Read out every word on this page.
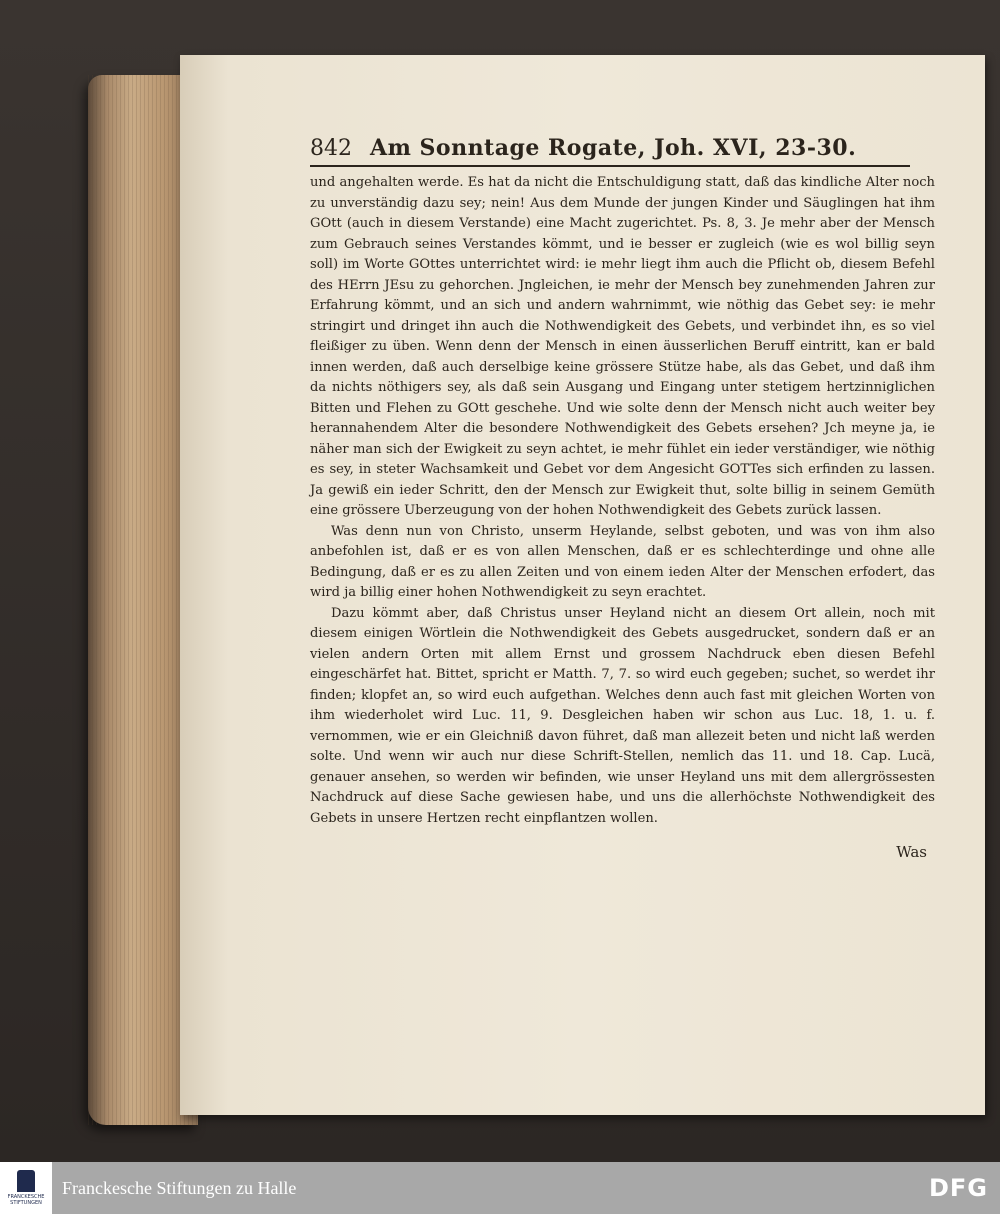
842 Am Sonntage Rogate, Joh. XVI, 23-30.

und angehalten werde. Es hat da nicht die Entschuldigung statt, daß das kindliche Alter noch zu unverständig dazu sey; nein! Aus dem Munde der jungen Kinder und Säuglingen hat ihm GOtt (auch in diesem Verstande) eine Macht zugerichtet. Ps. 8, 3. Je mehr aber der Mensch zum Gebrauch seines Verstandes kömmt, und ie besser er zugleich (wie es wol billig seyn soll) im Worte GOttes unterrichtet wird: ie mehr liegt ihm auch die Pflicht ob, diesem Befehl des HErrn JEsu zu gehorchen. Jngleichen, ie mehr der Mensch bey zunehmenden Jahren zur Erfahrung kömmt, und an sich und andern wahrnimmt, wie nöthig das Gebet sey: ie mehr stringirt und dringet ihn auch die Nothwendigkeit des Gebets, und verbindet ihn, es so viel fleißiger zu üben. Wenn denn der Mensch in einen äusserlichen Beruff eintritt, kan er bald innen werden, daß auch derselbige keine grössere Stütze habe, als das Gebet, und daß ihm da nichts nöthigers sey, als daß sein Ausgang und Eingang unter stetigem hertzinniglichen Bitten und Flehen zu GOtt geschehe. Und wie solte denn der Mensch nicht auch weiter bey herannahendem Alter die besondere Nothwendigkeit des Gebets ersehen? Jch meyne ja, ie näher man sich der Ewigkeit zu seyn achtet, ie mehr fühlet ein ieder verständiger, wie nöthig es sey, in steter Wachsamkeit und Gebet vor dem Angesicht GOTTes sich erfinden zu lassen. Ja gewiß ein ieder Schritt, den der Mensch zur Ewigkeit thut, solte billig in seinem Gemüth eine grössere Uberzeugung von der hohen Nothwendigkeit des Gebets zurück lassen.

Was denn nun von Christo, unserm Heylande, selbst geboten, und was von ihm also anbefohlen ist, daß er es von allen Menschen, daß er es schlechterdinge und ohne alle Bedingung, daß er es zu allen Zeiten und von einem ieden Alter der Menschen erfodert, das wird ja billig einer hohen Nothwendigkeit zu seyn erachtet.

Dazu kömmt aber, daß Christus unser Heyland nicht an diesem Ort allein, noch mit diesem einigen Wörtlein die Nothwendigkeit des Gebets ausgedrucket, sondern daß er an vielen andern Orten mit allem Ernst und grossem Nachdruck eben diesen Befehl eingeschärfet hat. Bittet, spricht er Matth. 7, 7. so wird euch gegeben; suchet, so werdet ihr finden; klopfet an, so wird euch aufgethan. Welches denn auch fast mit gleichen Worten von ihm wiederholet wird Luc. 11, 9. Desgleichen haben wir schon aus Luc. 18, 1. u. f. vernommen, wie er ein Gleichniß davon führet, daß man allezeit beten und nicht laß werden solte. Und wenn wir auch nur diese Schrift-Stellen, nemlich das 11. und 18. Cap. Lucä, genauer ansehen, so werden wir befinden, wie unser Heyland uns mit dem allergrössesten Nachdruck auf diese Sache gewiesen habe, und uns die allerhöchste Nothwendigkeit des Gebets in unsere Hertzen recht einpflantzen wollen.

Was
FRANCKESCHE STIFTUNGEN
Franckesche Stiftungen zu Halle	DFG
